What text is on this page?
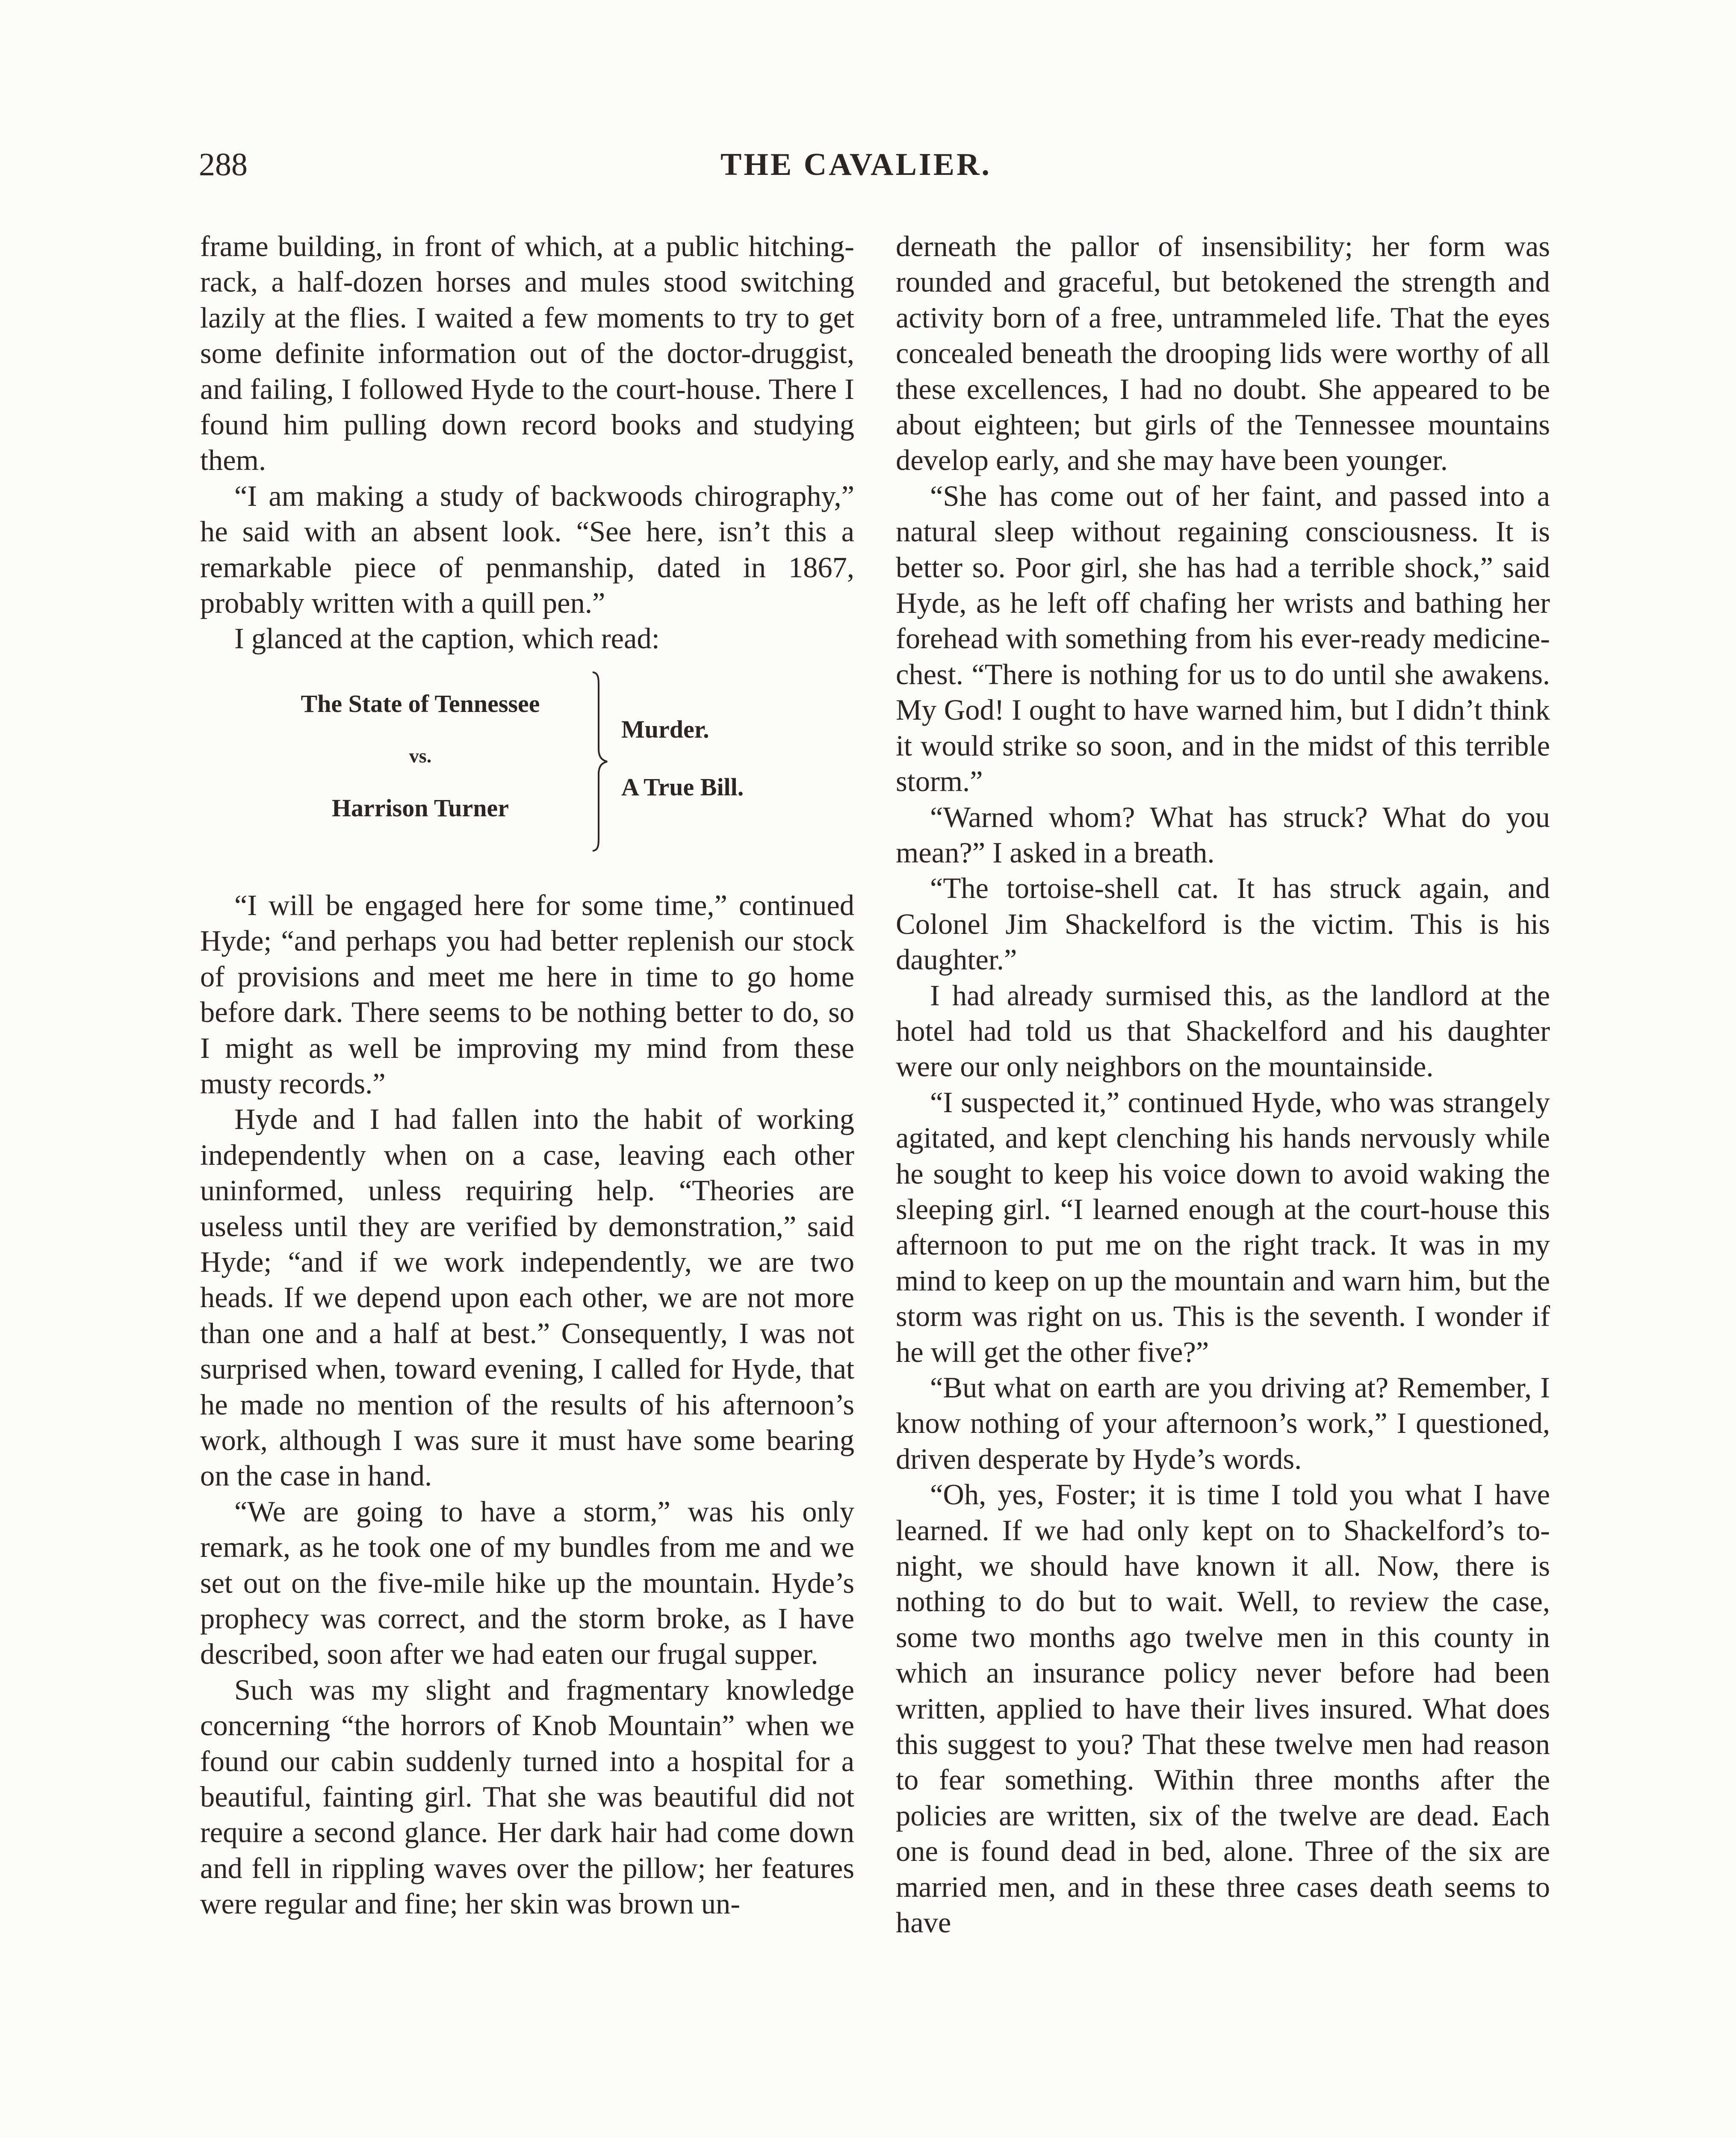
288	THE CAVALIER.

frame building, in front of which, at a public hitching-rack, a half-dozen horses and mules stood switching lazily at the flies. I waited a few moments to try to get some definite information out of the doctor-druggist, and failing, I followed Hyde to the court-house. There I found him pulling down record books and studying them.

“I am making a study of backwoods chirography,” he said with an absent look. “See here, isn’t this a remarkable piece of penmanship, dated in 1867, probably written with a quill pen.”

I glanced at the caption, which read:

The State of Tennessee
vs.
Harrison Turner
Murder.
A True Bill.

“I will be engaged here for some time,” continued Hyde; “and perhaps you had better replenish our stock of provisions and meet me here in time to go home before dark. There seems to be nothing better to do, so I might as well be improving my mind from these musty records.”

Hyde and I had fallen into the habit of working independently when on a case, leaving each other uninformed, unless requiring help. “Theories are useless until they are verified by demonstration,” said Hyde; “and if we work independently, we are two heads. If we depend upon each other, we are not more than one and a half at best.” Consequently, I was not surprised when, toward evening, I called for Hyde, that he made no mention of the results of his afternoon’s work, although I was sure it must have some bearing on the case in hand.

“We are going to have a storm,” was his only remark, as he took one of my bundles from me and we set out on the five-mile hike up the mountain. Hyde’s prophecy was correct, and the storm broke, as I have described, soon after we had eaten our frugal supper.

Such was my slight and fragmentary knowledge concerning “the horrors of Knob Mountain” when we found our cabin suddenly turned into a hospital for a beautiful, fainting girl. That she was beautiful did not require a second glance. Her dark hair had come down and fell in rippling waves over the pillow; her features were regular and fine; her skin was brown un-

derneath the pallor of insensibility; her form was rounded and graceful, but betokened the strength and activity born of a free, untrammeled life. That the eyes concealed beneath the drooping lids were worthy of all these excellences, I had no doubt. She appeared to be about eighteen; but girls of the Tennessee mountains develop early, and she may have been younger.

“She has come out of her faint, and passed into a natural sleep without regaining consciousness. It is better so. Poor girl, she has had a terrible shock,” said Hyde, as he left off chafing her wrists and bathing her forehead with something from his ever-ready medicine-chest. “There is nothing for us to do until she awakens. My God! I ought to have warned him, but I didn’t think it would strike so soon, and in the midst of this terrible storm.”

“Warned whom? What has struck? What do you mean?” I asked in a breath.

“The tortoise-shell cat. It has struck again, and Colonel Jim Shackelford is the victim. This is his daughter.”

I had already surmised this, as the landlord at the hotel had told us that Shackelford and his daughter were our only neighbors on the mountainside.

“I suspected it,” continued Hyde, who was strangely agitated, and kept clenching his hands nervously while he sought to keep his voice down to avoid waking the sleeping girl. “I learned enough at the court-house this afternoon to put me on the right track. It was in my mind to keep on up the mountain and warn him, but the storm was right on us. This is the seventh. I wonder if he will get the other five?”

“But what on earth are you driving at? Remember, I know nothing of your afternoon’s work,” I questioned, driven desperate by Hyde’s words.

“Oh, yes, Foster; it is time I told you what I have learned. If we had only kept on to Shackelford’s to-night, we should have known it all. Now, there is nothing to do but to wait. Well, to review the case, some two months ago twelve men in this county in which an insurance policy never before had been written, applied to have their lives insured. What does this suggest to you? That these twelve men had reason to fear something. Within three months after the policies are written, six of the twelve are dead. Each one is found dead in bed, alone. Three of the six are married men, and in these three cases death seems to have
